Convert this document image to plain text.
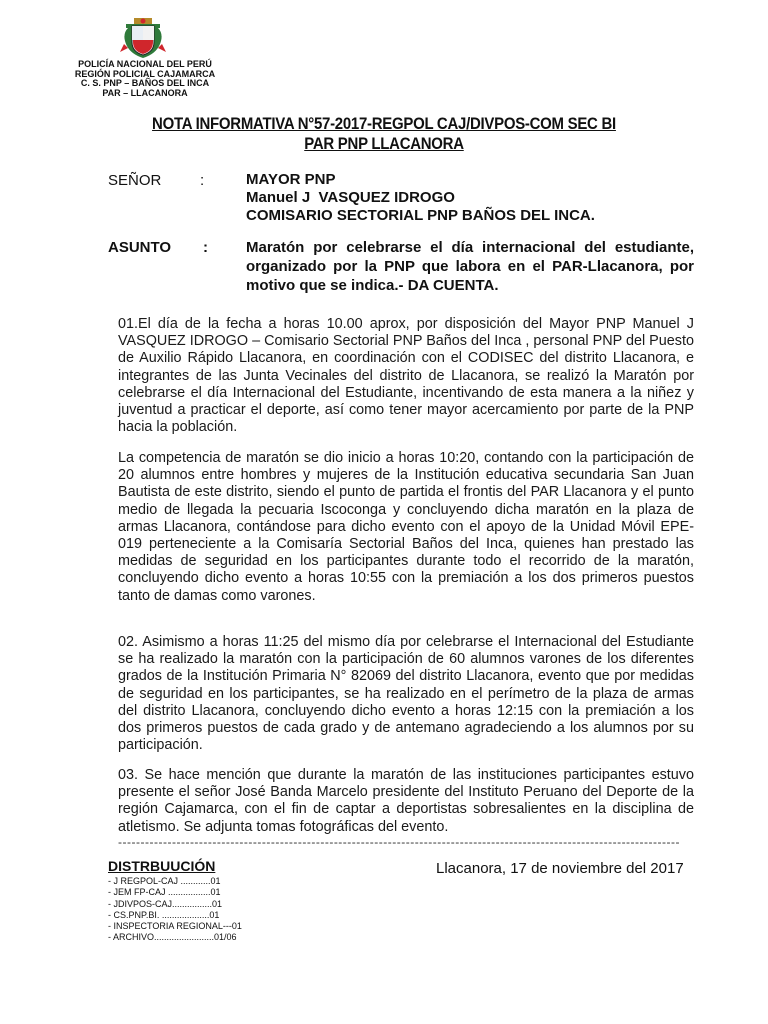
POLICÍA NACIONAL DEL PERÚ
REGIÓN POLICIAL CAJAMARCA
C. S. PNP – BAÑOS DEL INCA
PAR – LLACANORA
NOTA INFORMATIVA N°57-2017-REGPOL CAJ/DIVPOS-COM SEC BI
PAR PNP LLACANORA
SEÑOR	:	MAYOR PNP
Manuel J  VASQUEZ IDROGO
COMISARIO SECTORIAL PNP BAÑOS DEL INCA.
ASUNTO :	Maratón por celebrarse el día internacional del estudiante, organizado por la PNP que labora en el PAR-Llacanora, por motivo que se indica.- DA CUENTA.
01.El día de la fecha a horas 10.00 aprox, por disposición del Mayor PNP Manuel J VASQUEZ IDROGO – Comisario Sectorial PNP Baños del Inca , personal PNP del Puesto de Auxilio Rápido Llacanora, en coordinación con el CODISEC del distrito Llacanora, e integrantes de las Junta Vecinales del distrito de Llacanora, se realizó la Maratón por celebrarse el día Internacional del Estudiante, incentivando de esta manera a la niñez y juventud a practicar el deporte, así como tener mayor acercamiento por parte de la PNP hacia la población.
La competencia de maratón se dio inicio a horas 10:20, contando con la participación de 20 alumnos entre hombres y mujeres de la Institución educativa secundaria San Juan Bautista de este distrito, siendo el punto de partida el frontis del PAR Llacanora y el punto medio de llegada la pecuaria Iscoconga y concluyendo dicha maratón en la plaza de armas Llacanora, contándose para dicho evento con el apoyo de la Unidad Móvil EPE-019 perteneciente a la Comisaría Sectorial Baños del Inca, quienes han prestado las medidas de seguridad en los participantes durante todo el recorrido de la maratón, concluyendo dicho evento a horas 10:55 con la premiación a los dos primeros puestos tanto de damas como varones.
02. Asimismo a horas 11:25 del mismo día por celebrarse el Internacional del Estudiante se ha realizado la maratón con la participación de 60 alumnos varones de los diferentes grados de la Institución Primaria N° 82069 del distrito Llacanora, evento que por medidas de seguridad en los participantes, se ha realizado en el perímetro de la plaza de armas del distrito Llacanora, concluyendo dicho evento a horas 12:15 con la premiación a los dos primeros puestos de cada grado y de antemano agradeciendo a los alumnos por su participación.
03. Se hace mención que durante la maratón de las instituciones participantes estuvo presente el señor José Banda Marcelo presidente del Instituto Peruano del Deporte de la región Cajamarca, con el fin de captar a deportistas sobresalientes en la disciplina de atletismo. Se adjunta tomas fotográficas del evento.
-----------------------------------------------------------------------------------------------------------------------------
DISTRBUUCIÓN	Llacanora, 17 de noviembre del 2017
- J REGPOL-CAJ ............01
- JEM FP-CAJ .................01
- JDIVPOS-CAJ................01
- CS.PNP.BI. ...................01
- INSPECTORIA REGIONAL---01
- ARCHIVO........................01/06
